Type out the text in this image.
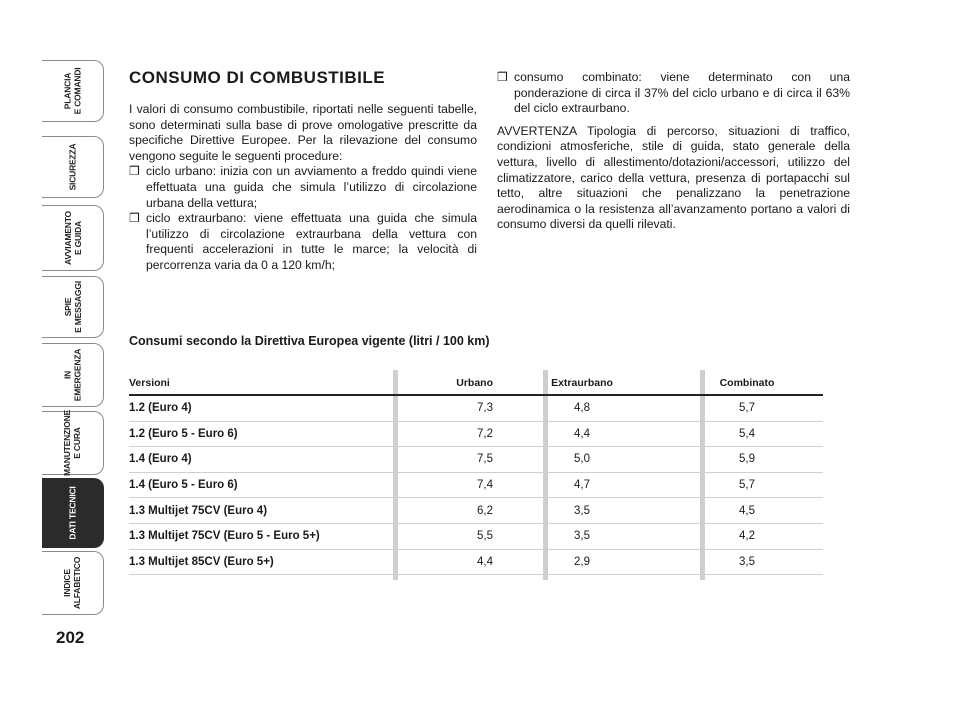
PLANCIA E COMANDI
SICUREZZA
AVVIAMENTO E GUIDA
SPIE E MESSAGGI
IN EMERGENZA
MANUTENZIONE E CURA
DATI TECNICI
INDICE ALFABETICO
202
CONSUMO DI COMBUSTIBILE

I valori di consumo combustibile, riportati nelle seguenti tabelle, sono determinati sulla base di prove omologative prescritte da specifiche Direttive Europee. Per la rilevazione del consumo vengono seguite le seguenti procedure:

❒ ciclo urbano: inizia con un avviamento a freddo quindi viene effettuata una guida che simula l’utilizzo di circolazione urbana della vettura;
❒ ciclo extraurbano: viene effettuata una guida che simula l’utilizzo di circolazione extraurbana della vettura con frequenti accelerazioni in tutte le marce; la velocità di percorrenza varia da 0 a 120 km/h;
❒ consumo combinato: viene determinato con una ponderazione di circa il 37% del ciclo urbano e di circa il 63% del ciclo extraurbano.

AVVERTENZA Tipologia di percorso, situazioni di traffico, condizioni atmosferiche, stile di guida, stato generale della vettura, livello di allestimento/dotazioni/accessori, utilizzo del climatizzatore, carico della vettura, presenza di portapacchi sul tetto, altre situazioni che penalizzano la penetrazione aerodinamica o la resistenza all’avanzamento portano a valori di consumo diversi da quelli rilevati.

Consumi secondo la Direttiva Europea vigente (litri / 100 km)
Versioni	Urbano	Extraurbano	Combinato
1.2 (Euro 4)	7,3	4,8	5,7
1.2 (Euro 5 - Euro 6)	7,2	4,4	5,4
1.4 (Euro 4)	7,5	5,0	5,9
1.4 (Euro 5 - Euro 6)	7,4	4,7	5,7
1.3 Multijet 75CV (Euro 4)	6,2	3,5	4,5
1.3 Multijet 75CV (Euro 5 - Euro 5+)	5,5	3,5	4,2
1.3 Multijet 85CV (Euro 5+)	4,4	2,9	3,5
